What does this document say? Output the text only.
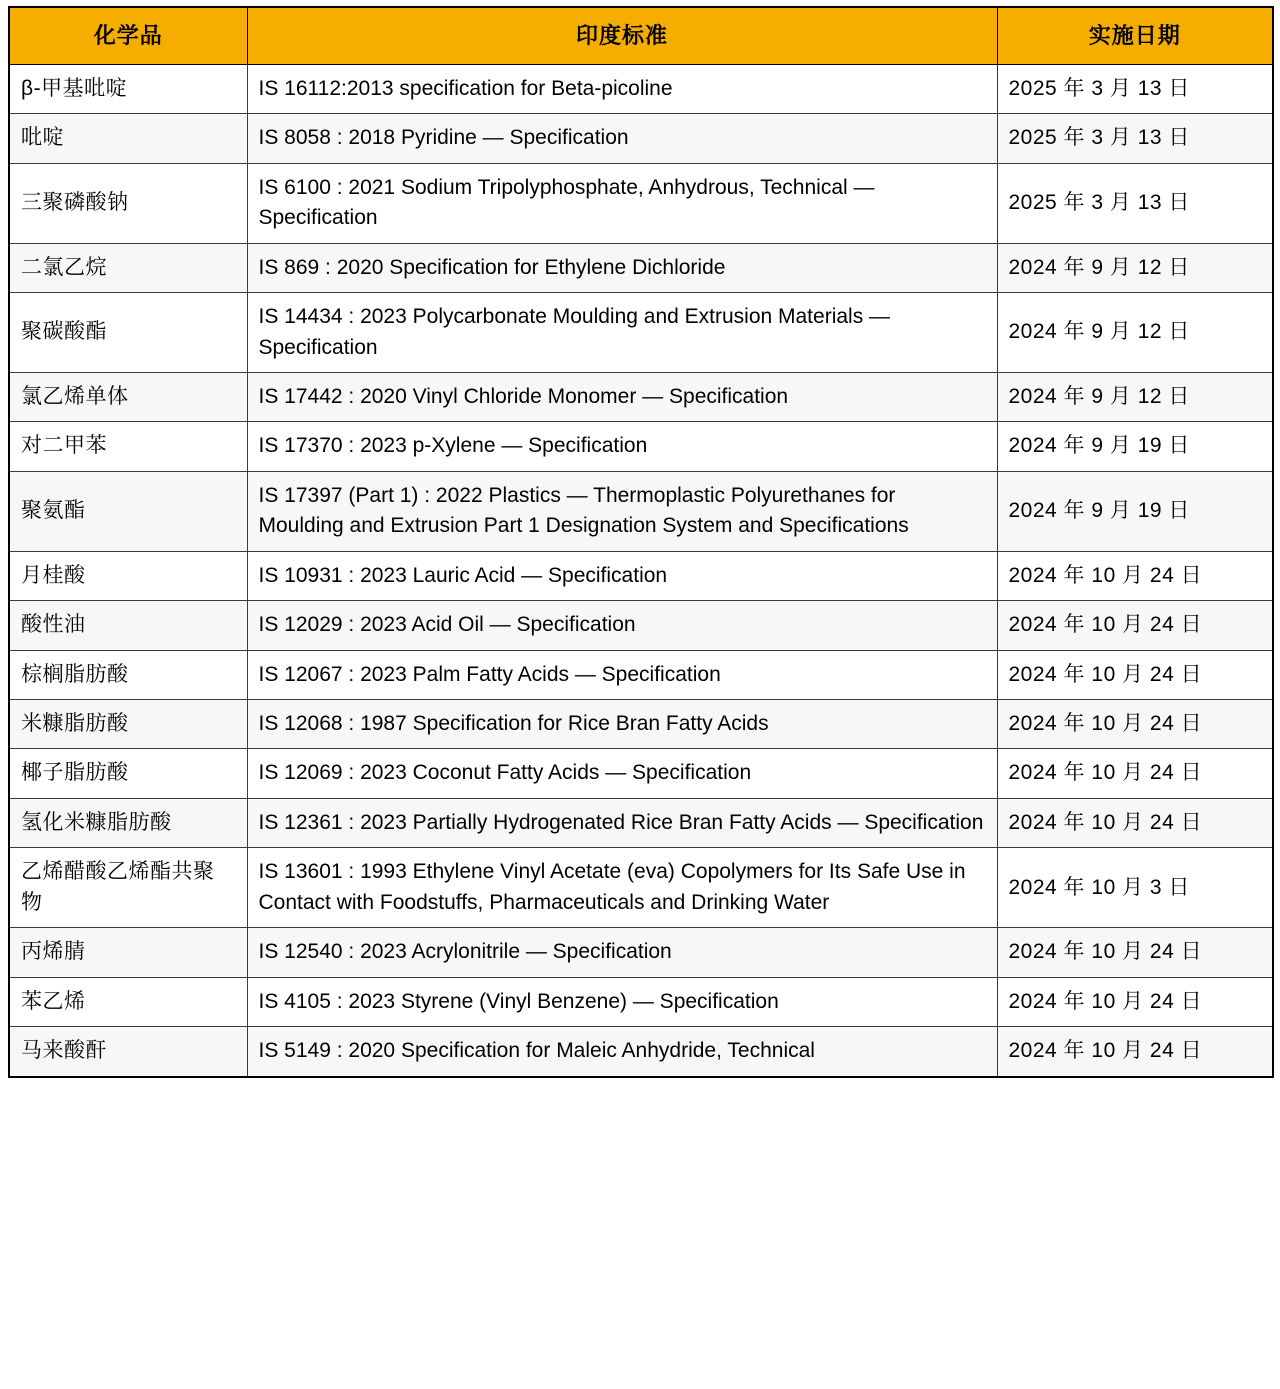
化学品	印度标准	实施日期
β-甲基吡啶	IS 16112:2013 specification for Beta-picoline	2025 年 3 月 13 日
吡啶	IS 8058 : 2018 Pyridine — Specification	2025 年 3 月 13 日
三聚磷酸钠	IS 6100 : 2021 Sodium Tripolyphosphate, Anhydrous, Technical — Specification	2025 年 3 月 13 日
二氯乙烷	IS 869 : 2020 Specification for Ethylene Dichloride	2024 年 9 月 12 日
聚碳酸酯	IS 14434 : 2023 Polycarbonate Moulding and Extrusion Materials — Specification	2024 年 9 月 12 日
氯乙烯单体	IS 17442 : 2020 Vinyl Chloride Monomer — Specification	2024 年 9 月 12 日
对二甲苯	IS 17370 : 2023 p-Xylene — Specification	2024 年 9 月 19 日
聚氨酯	IS 17397 (Part 1) : 2022 Plastics — Thermoplastic Polyurethanes for Moulding and Extrusion Part 1 Designation System and Specifications	2024 年 9 月 19 日
月桂酸	IS 10931 : 2023 Lauric Acid — Specification	2024 年 10 月 24 日
酸性油	IS 12029 : 2023 Acid Oil — Specification	2024 年 10 月 24 日
棕榈脂肪酸	IS 12067 : 2023 Palm Fatty Acids — Specification	2024 年 10 月 24 日
米糠脂肪酸	IS 12068 : 1987 Specification for Rice Bran Fatty Acids	2024 年 10 月 24 日
椰子脂肪酸	IS 12069 : 2023 Coconut Fatty Acids — Specification	2024 年 10 月 24 日
氢化米糠脂肪酸	IS 12361 : 2023 Partially Hydrogenated Rice Bran Fatty Acids — Specification	2024 年 10 月 24 日
乙烯醋酸乙烯酯共聚物	IS 13601 : 1993 Ethylene Vinyl Acetate (eva) Copolymers for Its Safe Use in Contact with Foodstuffs, Pharmaceuticals and Drinking Water	2024 年 10 月 3 日
丙烯腈	IS 12540 : 2023 Acrylonitrile — Specification	2024 年 10 月 24 日
苯乙烯	IS 4105 : 2023 Styrene (Vinyl Benzene) — Specification	2024 年 10 月 24 日
马来酸酐	IS 5149 : 2020 Specification for Maleic Anhydride, Technical	2024 年 10 月 24 日
